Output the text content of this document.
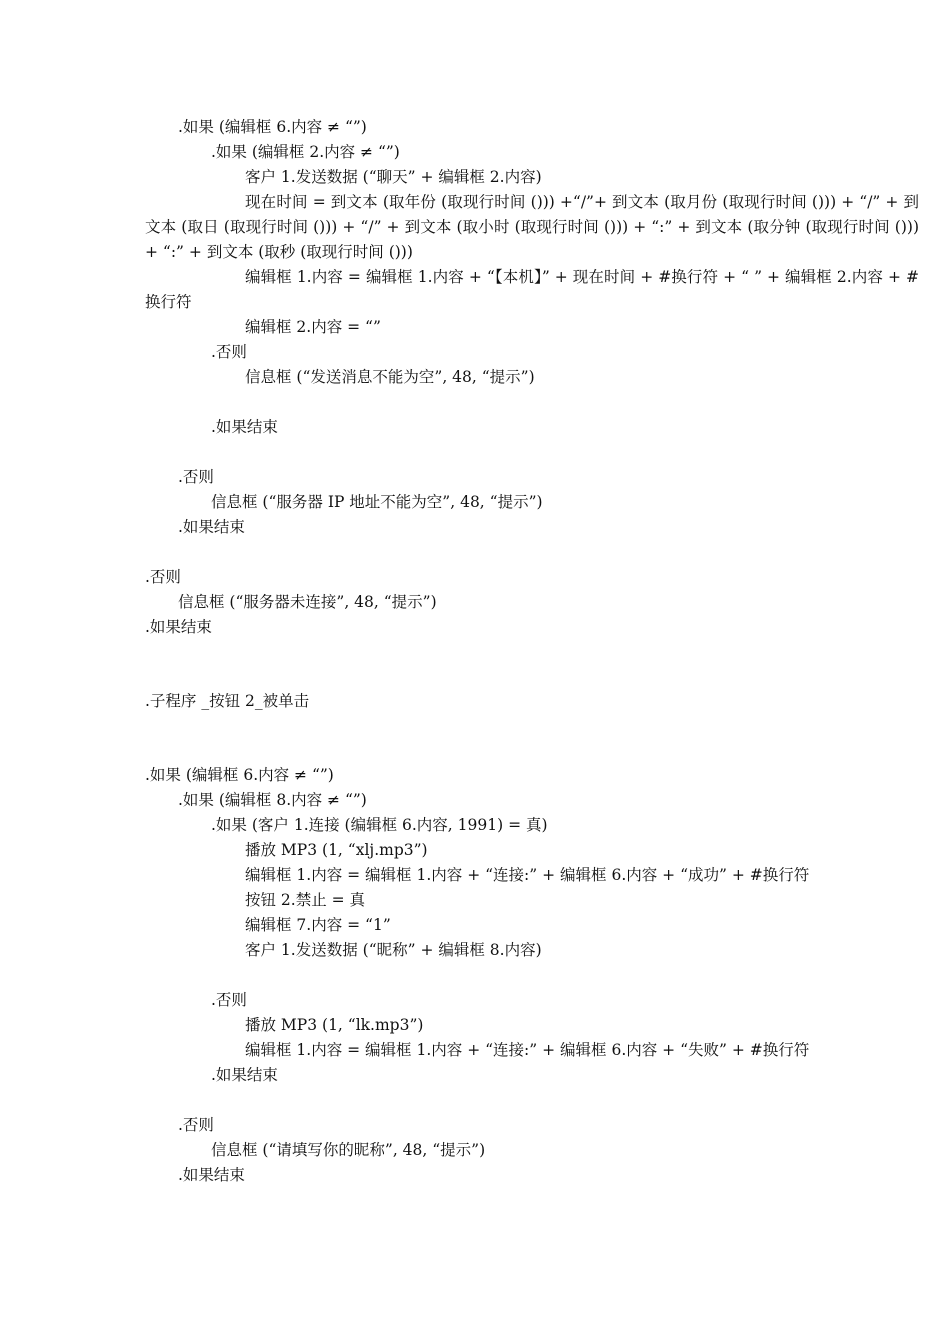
.如果 (编辑框 6.内容 ≠ “”)
.如果 (编辑框 2.内容 ≠ “”)
客户 1.发送数据 (“聊天” + 编辑框 2.内容)
现在时间 = 到文本 (取年份 (取现行时间 ())) +“/”+ 到文本 (取月份 (取现行时间 ())) + “/” + 到文本 (取日 (取现行时间 ())) + “/” + 到文本 (取小时 (取现行时间 ())) + “:” + 到文本 (取分钟 (取现行时间 ())) + “:” + 到文本 (取秒 (取现行时间 ()))
编辑框 1.内容 = 编辑框 1.内容 + “【本机】” + 现在时间 + #换行符 + “ ” + 编辑框 2.内容 + #换行符
编辑框 2.内容 = “”
.否则
信息框 (“发送消息不能为空”, 48, “提示”)
.如果结束
.否则
信息框 (“服务器 IP 地址不能为空”, 48, “提示”)
.如果结束
.否则
信息框 (“服务器未连接”, 48, “提示”)
.如果结束
.子程序 _按钮 2_被单击
.如果 (编辑框 6.内容 ≠ “”)
.如果 (编辑框 8.内容 ≠ “”)
.如果 (客户 1.连接 (编辑框 6.内容, 1991) = 真)
播放 MP3 (1, “xlj.mp3”)
编辑框 1.内容 = 编辑框 1.内容 + “连接:” + 编辑框 6.内容 + “成功” + #换行符
按钮 2.禁止 = 真
编辑框 7.内容 = “1”
客户 1.发送数据 (“昵称” + 编辑框 8.内容)
.否则
播放 MP3 (1, “lk.mp3”)
编辑框 1.内容 = 编辑框 1.内容 + “连接:” + 编辑框 6.内容 + “失败” + #换行符
.如果结束
.否则
信息框 (“请填写你的昵称”, 48, “提示”)
.如果结束
